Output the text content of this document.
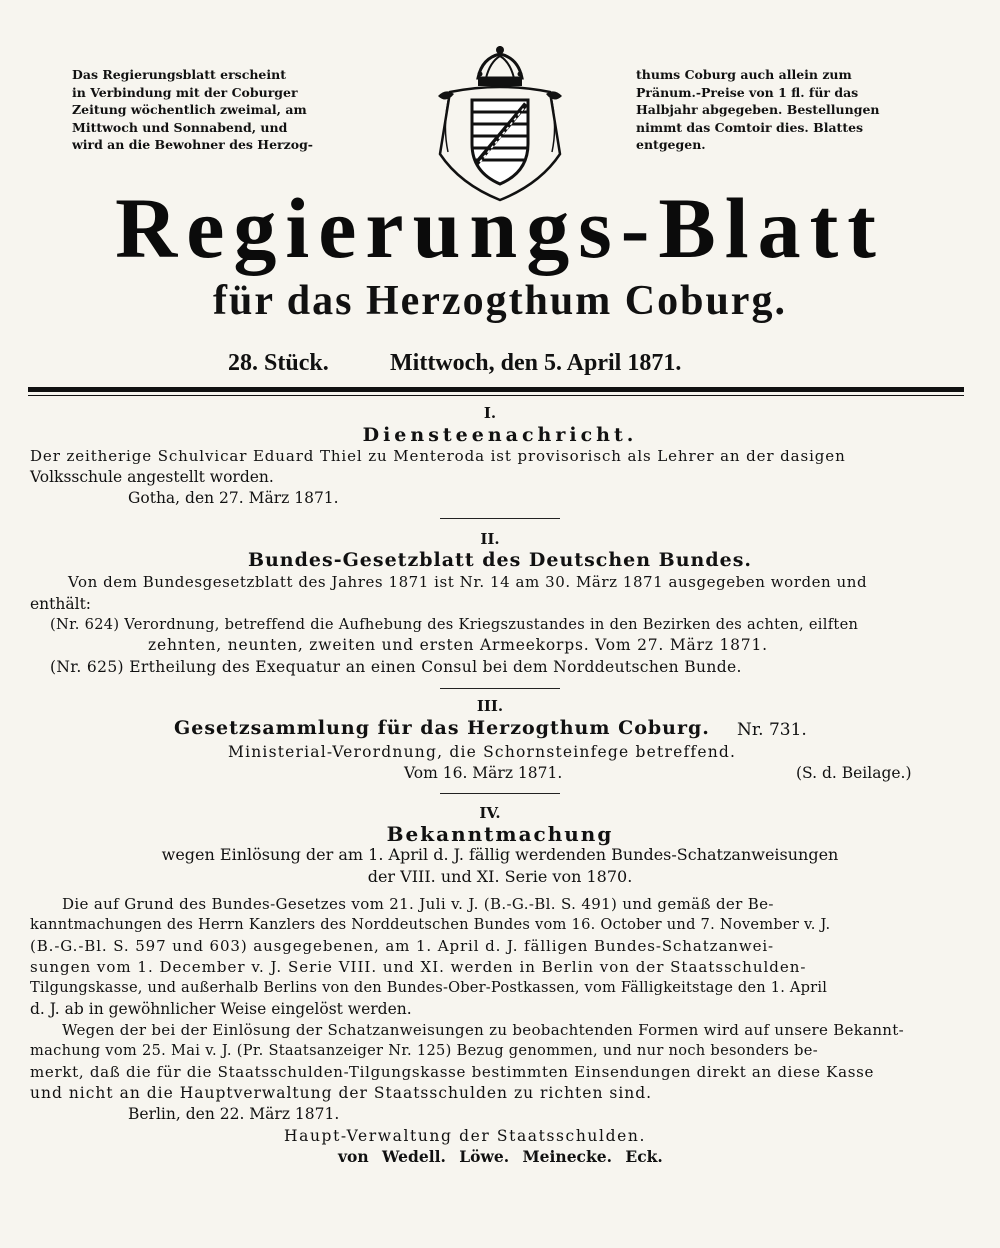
Das Regierungsblatt erscheint
in Verbindung mit der Coburger
Zeitung wöchentlich zweimal, am
Mittwoch und Sonnabend, und
wird an die Bewohner des Herzog-
thums Coburg auch allein zum
Pränum.-Preise von 1 fl. für das
Halbjahr abgegeben. Bestellungen
nimmt das Comtoir dies. Blattes
entgegen.
Regierungs-Blatt
für das Herzogthum Coburg.
28. Stück.	Mittwoch, den 5. April 1871.
I.
Diensteenachricht.
Der zeitherige Schulvicar Eduard Thiel zu Menteroda ist provisorisch als Lehrer an der dasigen
Volksschule angestellt worden.
Gotha, den 27. März 1871.
II.
Bundes-Gesetzblatt des Deutschen Bundes.
Von dem Bundesgesetzblatt des Jahres 1871 ist Nr. 14 am 30. März 1871 ausgegeben worden und
enthält:
(Nr. 624) Verordnung, betreffend die Aufhebung des Kriegszustandes in den Bezirken des achten, eilften
zehnten, neunten, zweiten und ersten Armeekorps. Vom 27. März 1871.
(Nr. 625) Ertheilung des Exequatur an einen Consul bei dem Norddeutschen Bunde.
III.
Gesetzsammlung für das Herzogthum Coburg. Nr. 731.
Ministerial-Verordnung, die Schornsteinfege betreffend.
Vom 16. März 1871.	(S. d. Beilage.)
IV.
Bekanntmachung
wegen Einlösung der am 1. April d. J. fällig werdenden Bundes-Schatzanweisungen
der VIII. und XI. Serie von 1870.
Die auf Grund des Bundes-Gesetzes vom 21. Juli v. J. (B.-G.-Bl. S. 491) und gemäß der Be-
kanntmachungen des Herrn Kanzlers des Norddeutschen Bundes vom 16. October und 7. November v. J.
(B.-G.-Bl. S. 597 und 603) ausgegebenen, am 1. April d. J. fälligen Bundes-Schatzanwei-
sungen vom 1. December v. J. Serie VIII. und XI. werden in Berlin von der Staatsschulden-
Tilgungskasse, und außerhalb Berlins von den Bundes-Ober-Postkassen, vom Fälligkeitstage den 1. April
d. J. ab in gewöhnlicher Weise eingelöst werden.
Wegen der bei der Einlösung der Schatzanweisungen zu beobachtenden Formen wird auf unsere Bekannt-
machung vom 25. Mai v. J. (Pr. Staatsanzeiger Nr. 125) Bezug genommen, und nur noch besonders be-
merkt, daß die für die Staatsschulden-Tilgungskasse bestimmten Einsendungen direkt an diese Kasse
und nicht an die Hauptverwaltung der Staatsschulden zu richten sind.
Berlin, den 22. März 1871.
Haupt-Verwaltung der Staatsschulden.
von Wedell. Löwe. Meinecke. Eck.
